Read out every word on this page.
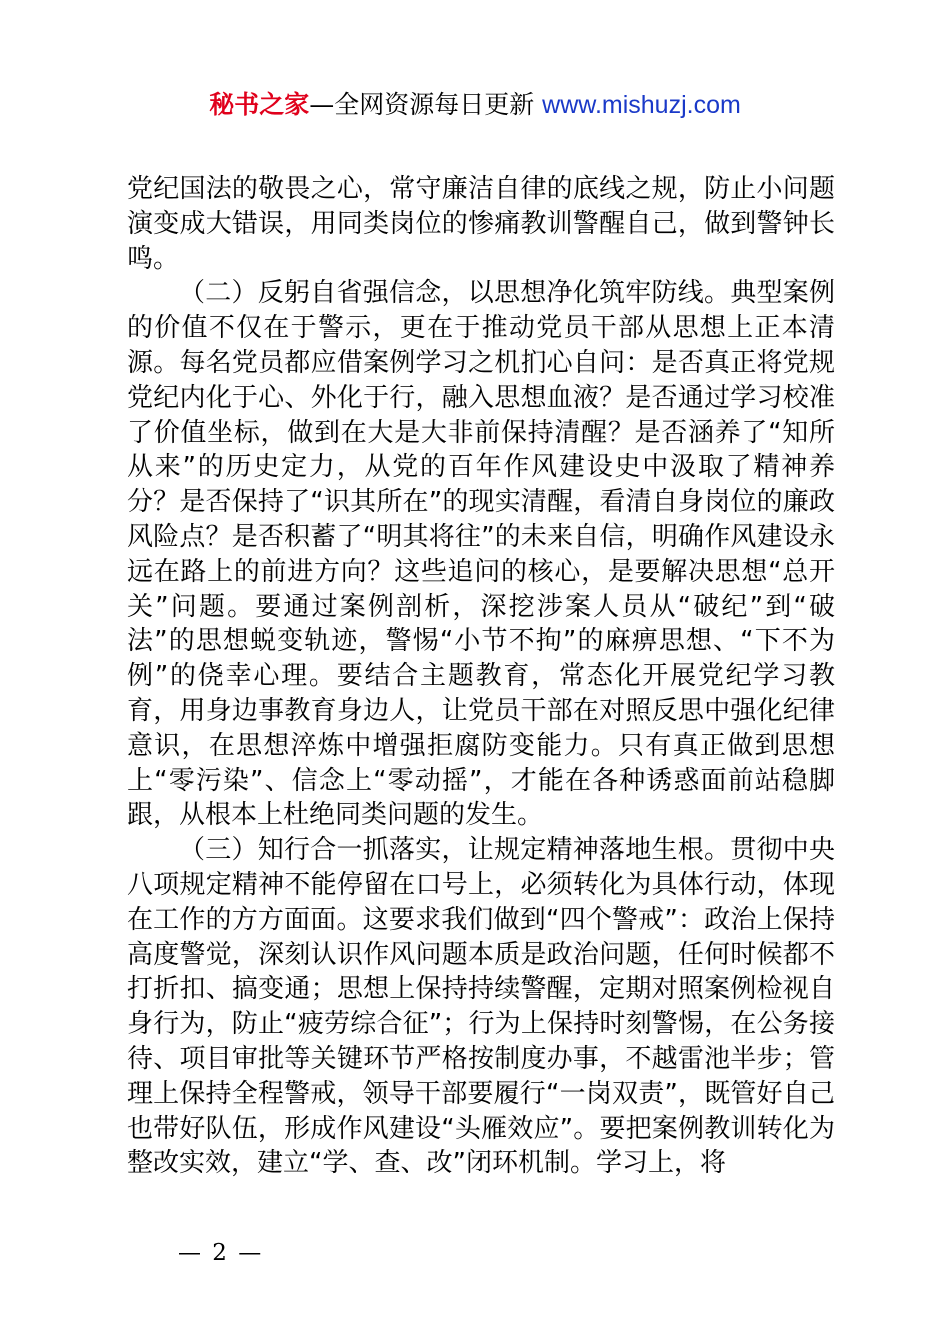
秘书之家—全网资源每日更新 www.mishuzj.com

党纪国法的敬畏之心，常守廉洁自律的底线之规，防止小问题演变成大错误，用同类岗位的惨痛教训警醒自己，做到警钟长鸣。

（二）反躬自省强信念，以思想净化筑牢防线。典型案例的价值不仅在于警示，更在于推动党员干部从思想上正本清源。每名党员都应借案例学习之机扪心自问：是否真正将党规党纪内化于心、外化于行，融入思想血液？是否通过学习校准了价值坐标，做到在大是大非前保持清醒？是否涵养了“知所从来”的历史定力，从党的百年作风建设史中汲取了精神养分？是否保持了“识其所在”的现实清醒，看清自身岗位的廉政风险点？是否积蓄了“明其将往”的未来自信，明确作风建设永远在路上的前进方向？这些追问的核心，是要解决思想“总开关”问题。要通过案例剖析，深挖涉案人员从“破纪”到“破法”的思想蜕变轨迹，警惕“小节不拘”的麻痹思想、“下不为例”的侥幸心理。要结合主题教育，常态化开展党纪学习教育，用身边事教育身边人，让党员干部在对照反思中强化纪律意识，在思想淬炼中增强拒腐防变能力。只有真正做到思想上“零污染”、信念上“零动摇”，才能在各种诱惑面前站稳脚跟，从根本上杜绝同类问题的发生。

（三）知行合一抓落实，让规定精神落地生根。贯彻中央八项规定精神不能停留在口号上，必须转化为具体行动，体现在工作的方方面面。这要求我们做到“四个警戒”：政治上保持高度警觉，深刻认识作风问题本质是政治问题，任何时候都不打折扣、搞变通；思想上保持持续警醒，定期对照案例检视自身行为，防止“疲劳综合征”；行为上保持时刻警惕，在公务接待、项目审批等关键环节严格按制度办事，不越雷池半步；管理上保持全程警戒，领导干部要履行“一岗双责”，既管好自己也带好队伍，形成作风建设“头雁效应”。要把案例教训转化为整改实效，建立“学、查、改”闭环机制。学习上，将

— 2 —
